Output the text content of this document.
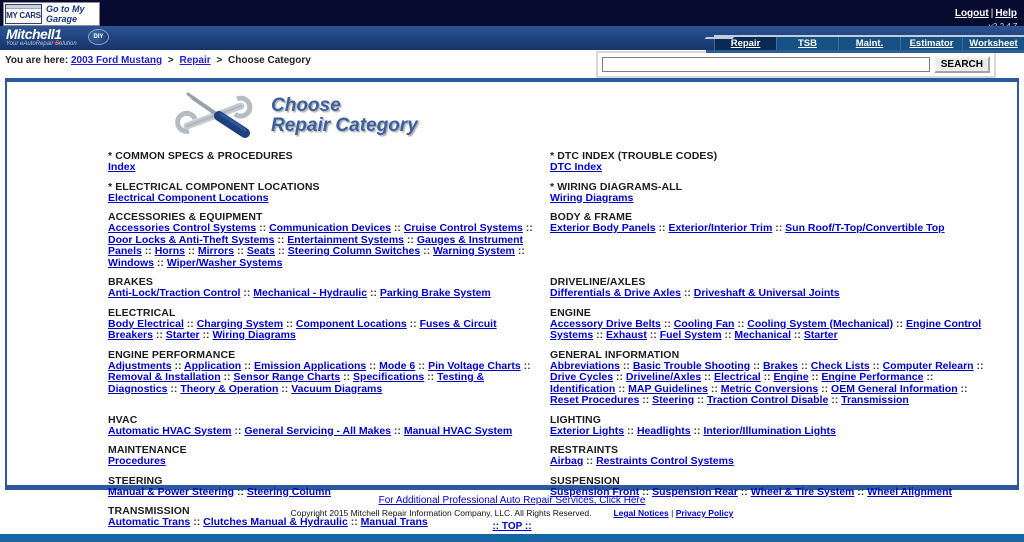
MY CARS
Go to My Garage	Logout | Help
Mitchell1
Your eAutoRepair Solution
DIY
Repair	TSB	Maint.	Estimator	Worksheet
You are here: 2003 Ford Mustang > Repair > Choose Category	SEARCH
Choose
Repair Category
* COMMON SPECS & PROCEDURES
Index
* DTC INDEX (TROUBLE CODES)
DTC Index
* ELECTRICAL COMPONENT LOCATIONS
Electrical Component Locations
* WIRING DIAGRAMS-ALL
Wiring Diagrams
ACCESSORIES & EQUIPMENT
Accessories Control Systems :: Communication Devices :: Cruise Control Systems :: Door Locks & Anti-Theft Systems :: Entertainment Systems :: Gauges & Instrument Panels :: Horns :: Mirrors :: Seats :: Steering Column Switches :: Warning System :: Windows :: Wiper/Washer Systems
BODY & FRAME
Exterior Body Panels :: Exterior/Interior Trim :: Sun Roof/T-Top/Convertible Top
BRAKES
Anti-Lock/Traction Control :: Mechanical - Hydraulic :: Parking Brake System
DRIVELINE/AXLES
Differentials & Drive Axles :: Driveshaft & Universal Joints
ELECTRICAL
Body Electrical :: Charging System :: Component Locations :: Fuses & Circuit Breakers :: Starter :: Wiring Diagrams
ENGINE
Accessory Drive Belts :: Cooling Fan :: Cooling System (Mechanical) :: Engine Control Systems :: Exhaust :: Fuel System :: Mechanical :: Starter
ENGINE PERFORMANCE
Adjustments :: Application :: Emission Applications :: Mode 6 :: Pin Voltage Charts :: Removal & Installation :: Sensor Range Charts :: Specifications :: Testing & Diagnostics :: Theory & Operation :: Vacuum Diagrams
GENERAL INFORMATION
Abbreviations :: Basic Trouble Shooting :: Brakes :: Check Lists :: Computer Relearn :: Drive Cycles :: Driveline/Axles :: Electrical :: Engine :: Engine Performance :: Identification :: MAP Guidelines :: Metric Conversions :: OEM General Information :: Reset Procedures :: Steering :: Traction Control Disable :: Transmission
HVAC
Automatic HVAC System :: General Servicing - All Makes :: Manual HVAC System
LIGHTING
Exterior Lights :: Headlights :: Interior/Illumination Lights
MAINTENANCE
Procedures
RESTRAINTS
Airbag :: Restraints Control Systems
STEERING
Manual & Power Steering :: Steering Column
SUSPENSION
Suspension Front :: Suspension Rear :: Wheel & Tire System :: Wheel Alignment
TRANSMISSION
Automatic Trans :: Clutches Manual & Hydraulic :: Manual Trans
For Additional Professional Auto Repair Services, Click Here
Copyright 2015 Mitchell Repair Information Company, LLC. All Rights Reserved.	Legal Notices | Privacy Policy
:: TOP ::
